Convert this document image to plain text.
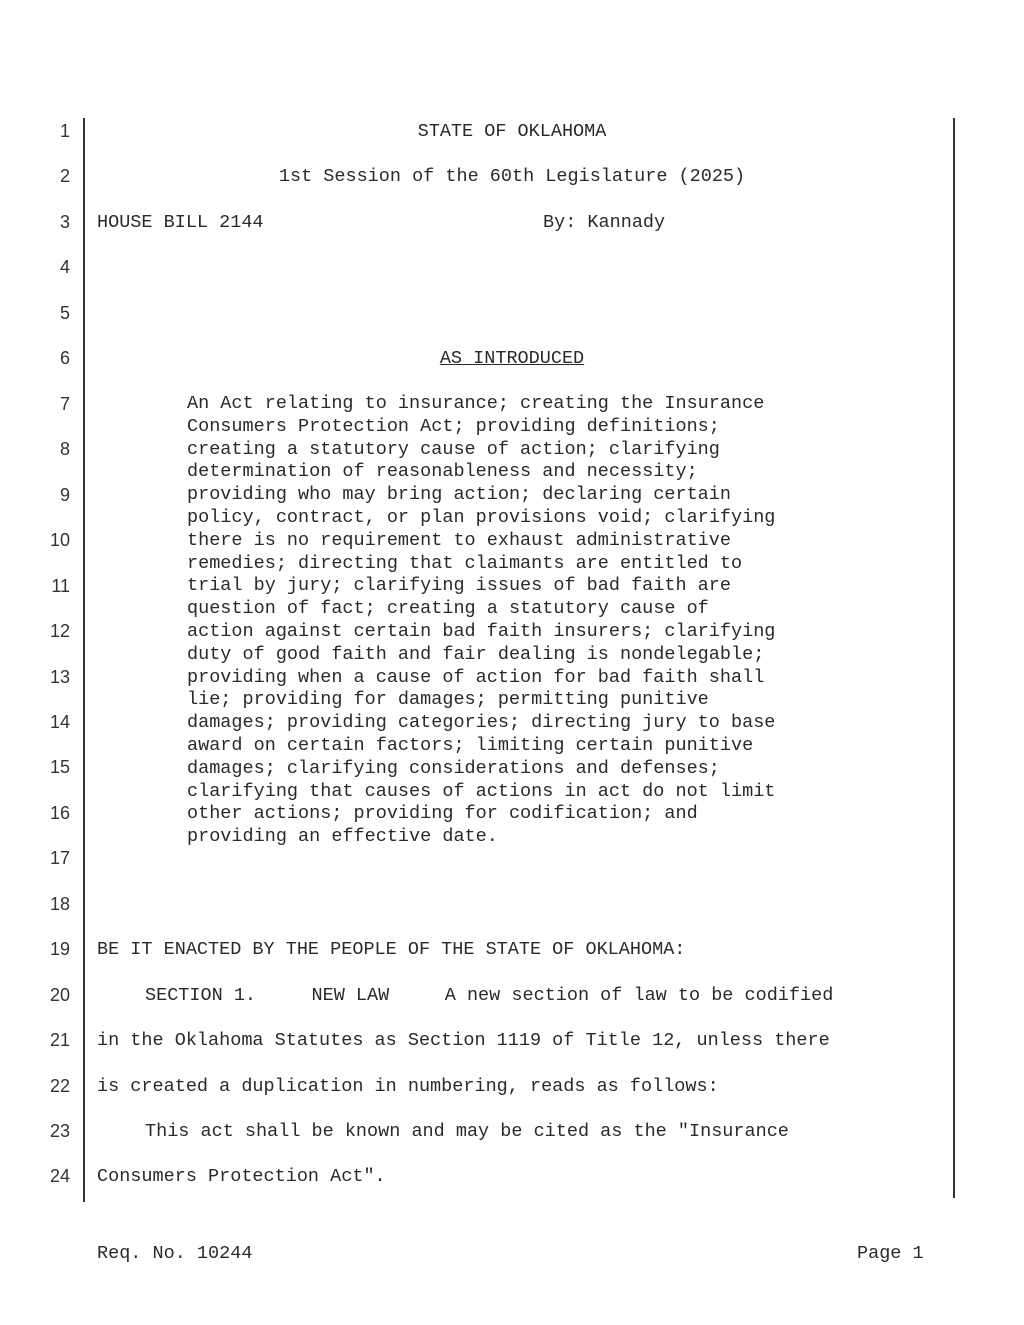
1
2
3
4
5
6
7
8
9
10
11
12
13
14
15
16
17
18
19
20
21
22
23
24
STATE OF OKLAHOMA
1st Session of the 60th Legislature (2025)
HOUSE BILL 2144	By: Kannady
AS INTRODUCED
An Act relating to insurance; creating the Insurance
Consumers Protection Act; providing definitions;
creating a statutory cause of action; clarifying
determination of reasonableness and necessity;
providing who may bring action; declaring certain
policy, contract, or plan provisions void; clarifying
there is no requirement to exhaust administrative
remedies; directing that claimants are entitled to
trial by jury; clarifying issues of bad faith are
question of fact; creating a statutory cause of
action against certain bad faith insurers; clarifying
duty of good faith and fair dealing is nondelegable;
providing when a cause of action for bad faith shall
lie; providing for damages; permitting punitive
damages; providing categories; directing jury to base
award on certain factors; limiting certain punitive
damages; clarifying considerations and defenses;
clarifying that causes of actions in act do not limit
other actions; providing for codification; and
providing an effective date.
BE IT ENACTED BY THE PEOPLE OF THE STATE OF OKLAHOMA:
SECTION 1.     NEW LAW     A new section of law to be codified
in the Oklahoma Statutes as Section 1119 of Title 12, unless there
is created a duplication in numbering, reads as follows:
This act shall be known and may be cited as the "Insurance
Consumers Protection Act".
Req. No. 10244	Page 1
